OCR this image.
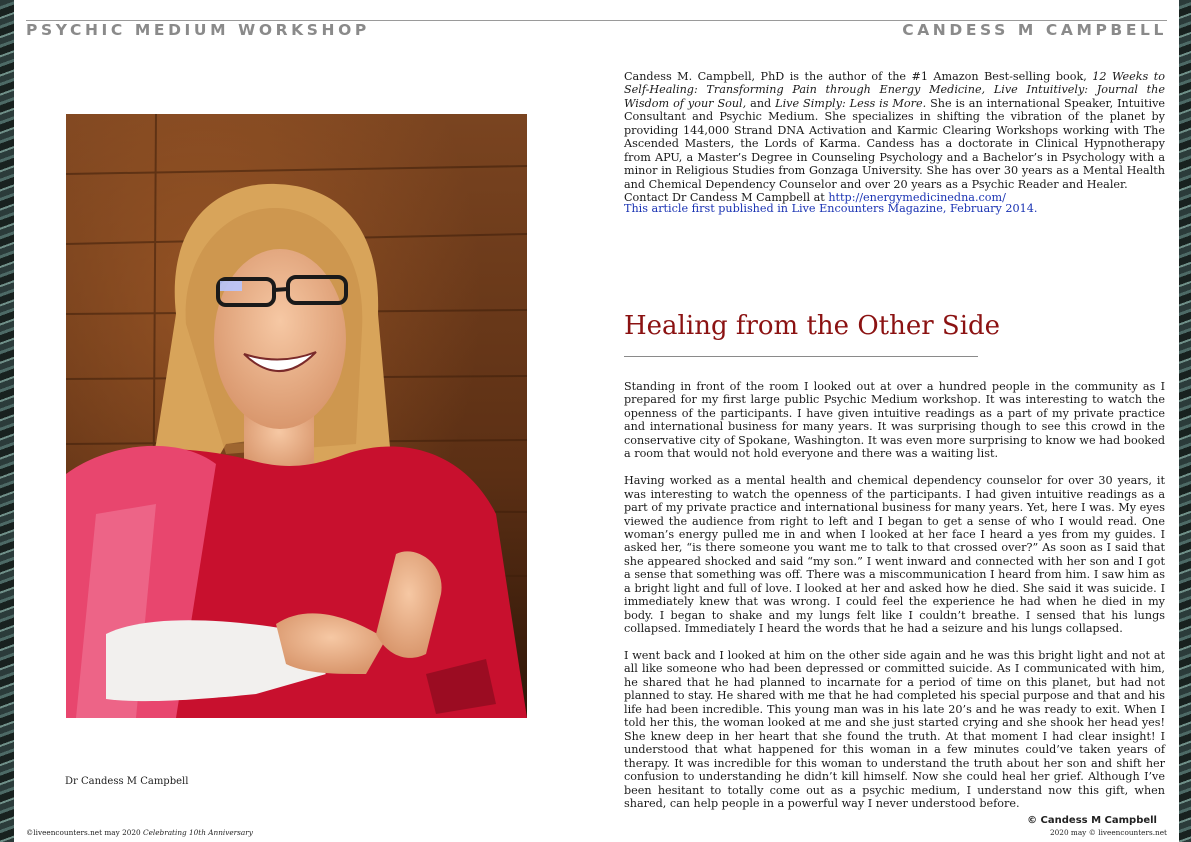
PSYCHIC MEDIUM WORKSHOP	CANDESS M CAMPBELL
Dr Candess M Campbell

Candess M. Campbell, PhD is the author of the #1 Amazon Best-selling book, 12 Weeks to Self-Healing: Transforming Pain through Energy Medicine, Live Intuitively: Journal the Wisdom of your Soul, and Live Simply: Less is More. She is an international Speaker, Intuitive Consultant and Psychic Medium. She specializes in shifting the vibration of the planet by providing 144,000 Strand DNA Activation and Karmic Clearing Workshops working with The Ascended Masters, the Lords of Karma. Candess has a doctorate in Clinical Hypnotherapy from APU, a Master’s Degree in Counseling Psychology and a Bachelor’s in Psychology with a minor in Religious Studies from Gonzaga University. She has over 30 years as a Mental Health and Chemical Dependency Counselor and over 20 years as a Psychic Reader and Healer.
Contact Dr Candess M Campbell at http://energymedicinedna.com/

This article first published in Live Encounters Magazine, February 2014.
Healing from the Other Side

Standing in front of the room I looked out at over a hundred people in the community as I prepared for my first large public Psychic Medium workshop. It was interesting to watch the openness of the participants. I have given intuitive readings as a part of my private practice and international business for many years. It was surprising though to see this crowd in the conservative city of Spokane, Washington. It was even more surprising to know we had booked a room that would not hold everyone and there was a waiting list.

Having worked as a mental health and chemical dependency counselor for over 30 years, it was interesting to watch the openness of the participants. I had given intuitive readings as a part of my private practice and international business for many years. Yet, here I was. My eyes viewed the audience from right to left and I began to get a sense of who I would read. One woman’s energy pulled me in and when I looked at her face I heard a yes from my guides. I asked her, “is there someone you want me to talk to that crossed over?” As soon as I said that she appeared shocked and said “my son.” I went inward and connected with her son and I got a sense that something was off. There was a miscommunication I heard from him. I saw him as a bright light and full of love. I looked at her and asked how he died. She said it was suicide. I immediately knew that was wrong. I could feel the experience he had when he died in my body. I began to shake and my lungs felt like I couldn’t breathe. I sensed that his lungs collapsed. Immediately I heard the words that he had a seizure and his lungs collapsed.

I went back and I looked at him on the other side again and he was this bright light and not at all like someone who had been depressed or committed suicide. As I communicated with him, he shared that he had planned to incarnate for a period of time on this planet, but had not planned to stay. He shared with me that he had completed his special purpose and that and his life had been incredible. This young man was in his late 20’s and he was ready to exit. When I told her this, the woman looked at me and she just started crying and she shook her head yes! She knew deep in her heart that she found the truth. At that moment I had clear insight! I understood that what happened for this woman in a few minutes could’ve taken years of therapy. It was incredible for this woman to understand the truth about her son and shift her confusion to understanding he didn’t kill himself. Now she could heal her grief. Although I’ve been hesitant to totally come out as a psychic medium, I understand now this gift, when shared, can help people in a powerful way I never understood before.

© Candess M Campbell
©liveencounters.net may 2020 Celebrating 10th Anniversary	2020 may © liveencounters.net
